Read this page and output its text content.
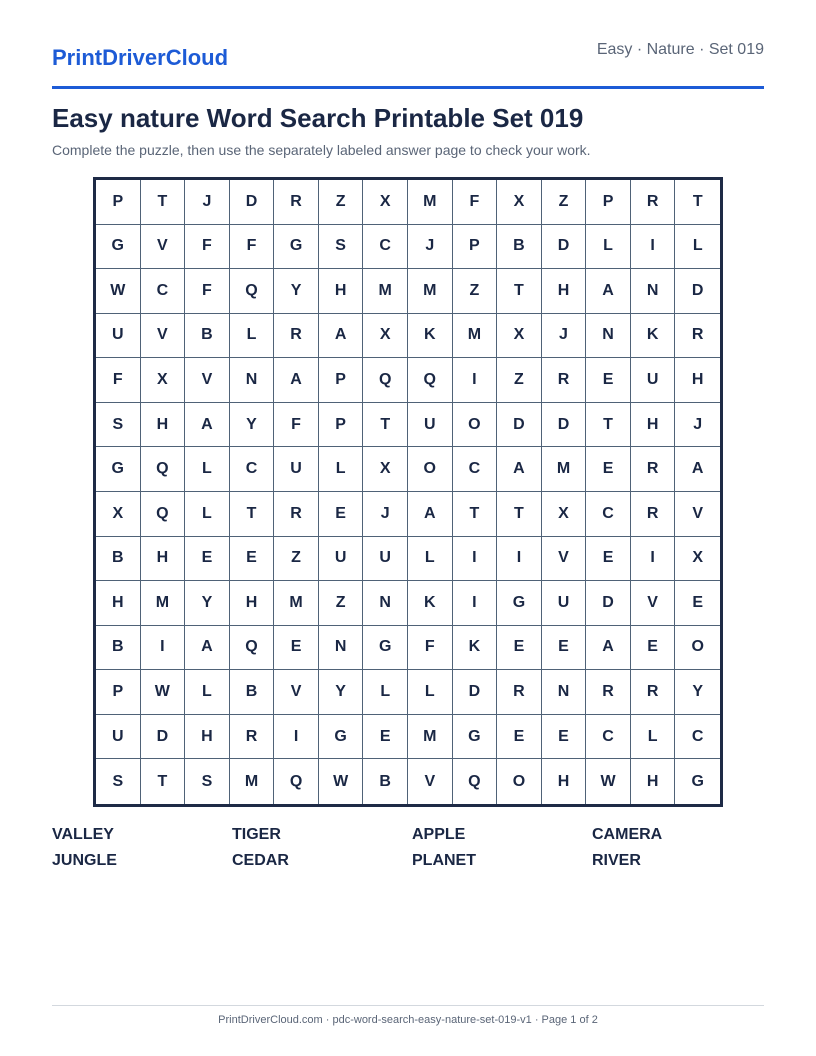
PrintDriverCloud	Easy · Nature · Set 019
Easy nature Word Search Printable Set 019
Complete the puzzle, then use the separately labeled answer page to check your work.
P	T	J	D	R	Z	X	M	F	X	Z	P	R	T
G	V	F	F	G	S	C	J	P	B	D	L	I	L
W	C	F	Q	Y	H	M	M	Z	T	H	A	N	D
U	V	B	L	R	A	X	K	M	X	J	N	K	R
F	X	V	N	A	P	Q	Q	I	Z	R	E	U	H
S	H	A	Y	F	P	T	U	O	D	D	T	H	J
G	Q	L	C	U	L	X	O	C	A	M	E	R	A
X	Q	L	T	R	E	J	A	T	T	X	C	R	V
B	H	E	E	Z	U	U	L	I	I	V	E	I	X
H	M	Y	H	M	Z	N	K	I	G	U	D	V	E
B	I	A	Q	E	N	G	F	K	E	E	A	E	O
P	W	L	B	V	Y	L	L	D	R	N	R	R	Y
U	D	H	R	I	G	E	M	G	E	E	C	L	C
S	T	S	M	Q	W	B	V	Q	O	H	W	H	G
VALLEY	TIGER	APPLE	CAMERA
JUNGLE	CEDAR	PLANET	RIVER
PrintDriverCloud.com · pdc-word-search-easy-nature-set-019-v1 · Page 1 of 2
